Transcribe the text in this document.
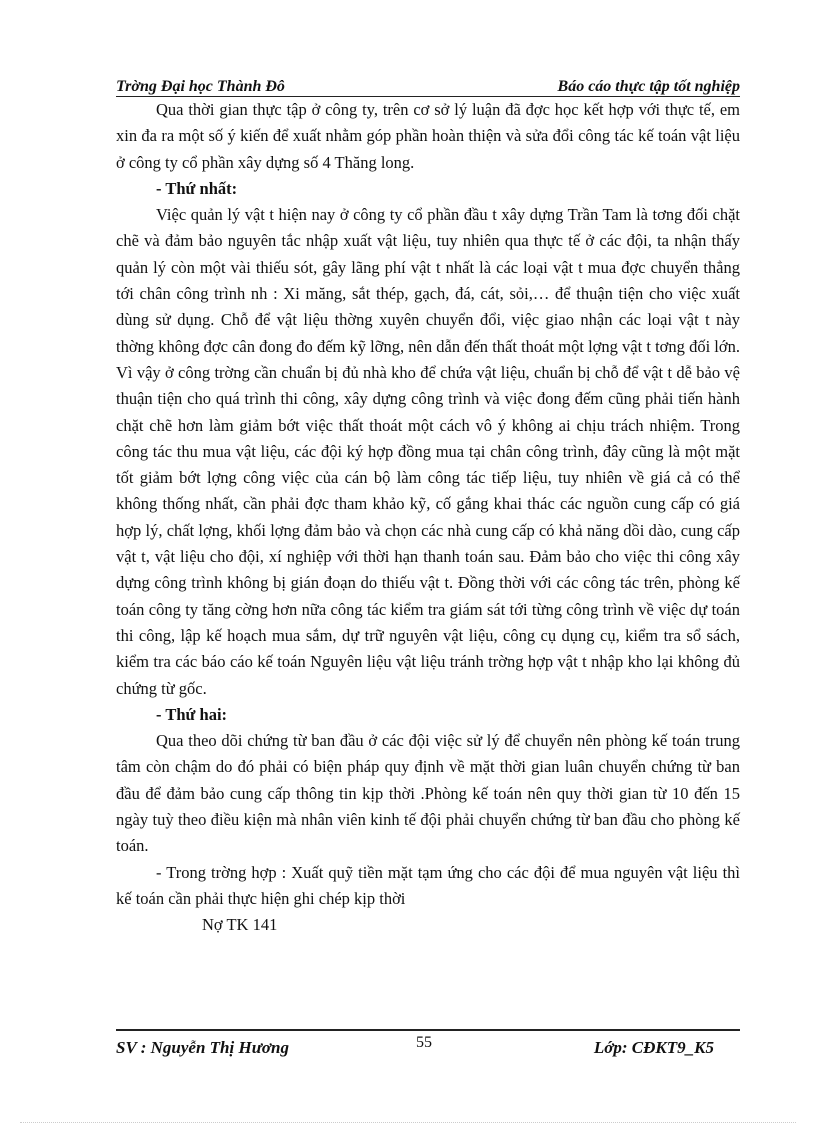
Trờng Đại học Thành Đô	Báo cáo thực tập tốt nghiệp

Qua thời gian thực tập ở công ty, trên cơ sở lý luận đã đợc học kết hợp với thực tế, em xin đa ra một số ý kiến để xuất nhằm góp phần hoàn thiện và sửa đổi công tác kế toán vật liệu ở công ty cổ phần xây dựng số 4 Thăng long.

- Thứ nhất:

Việc quản lý vật t hiện nay ở công ty cổ phần đầu t xây dựng Trần Tam là tơng đối chặt chẽ và đảm bảo nguyên tắc nhập xuất vật liệu, tuy nhiên qua thực tế ở các đội, ta nhận thấy quản lý còn một vài thiếu sót, gây lãng phí vật t nhất là các loại vật t mua đợc chuyển thẳng tới chân công trình nh : Xi măng, sắt thép, gạch, đá, cát, sỏi,… để thuận tiện cho việc xuất dùng sử dụng. Chỗ để vật liệu thờng xuyên chuyển đổi, việc giao nhận các loại vật t này thờng không đợc cân đong đo đếm kỹ lỡng, nên dẫn đến thất thoát một lợng vật t tơng đối lớn. Vì vậy ở công trờng cần chuẩn bị đủ nhà kho để chứa vật liệu, chuẩn bị chỗ để vật t dễ bảo vệ thuận tiện cho quá trình thi công, xây dựng công trình và việc đong đếm cũng phải tiến hành chặt chẽ hơn làm giảm bớt việc thất thoát một cách vô ý không ai chịu trách nhiệm. Trong công tác thu mua vật liệu, các đội ký hợp đồng mua tại chân công trình, đây cũng là một mặt tốt giảm bớt lợng công việc của cán bộ làm công tác tiếp liệu, tuy nhiên về giá cả có thể không thống nhất, cần phải đợc tham khảo kỹ, cố gắng khai thác các nguồn cung cấp có giá hợp lý, chất lợng, khối lợng đảm bảo và chọn các nhà cung cấp có khả năng dồi dào, cung cấp vật t, vật liệu cho đội, xí nghiệp với thời hạn thanh toán sau. Đảm bảo cho việc thi công xây dựng công trình không bị gián đoạn do thiếu vật t. Đồng thời với các công tác trên, phòng kế toán công ty tăng cờng hơn nữa công tác kiểm tra giám sát tới từng công trình về việc dự toán thi công, lập kế hoạch mua sắm, dự trữ nguyên vật liệu, công cụ dụng cụ, kiểm tra sổ sách, kiểm tra các báo cáo kế toán Nguyên liệu vật liệu tránh trờng hợp vật t nhập kho lại không đủ chứng từ gốc.

- Thứ hai:

Qua theo dõi chứng từ ban đầu ở các đội việc sử lý để chuyển nên phòng kế toán trung tâm còn chậm do đó phải có biện pháp quy định về mặt thời gian luân chuyển chứng từ ban đầu để đảm bảo cung cấp thông tin kịp thời .Phòng kế toán nên quy thời gian từ 10 đến 15 ngày tuỳ theo điều kiện mà nhân viên kinh tế đội phải chuyển chứng từ ban đầu cho phòng kế toán.

- Trong trờng hợp : Xuất quỹ tiền mặt tạm ứng cho các đội để mua nguyên vật liệu thì kế toán cần phải thực hiện ghi chép kịp thời

Nợ TK 141

SV : Nguyễn Thị Hương	55	Lớp: CĐKT9_K5
